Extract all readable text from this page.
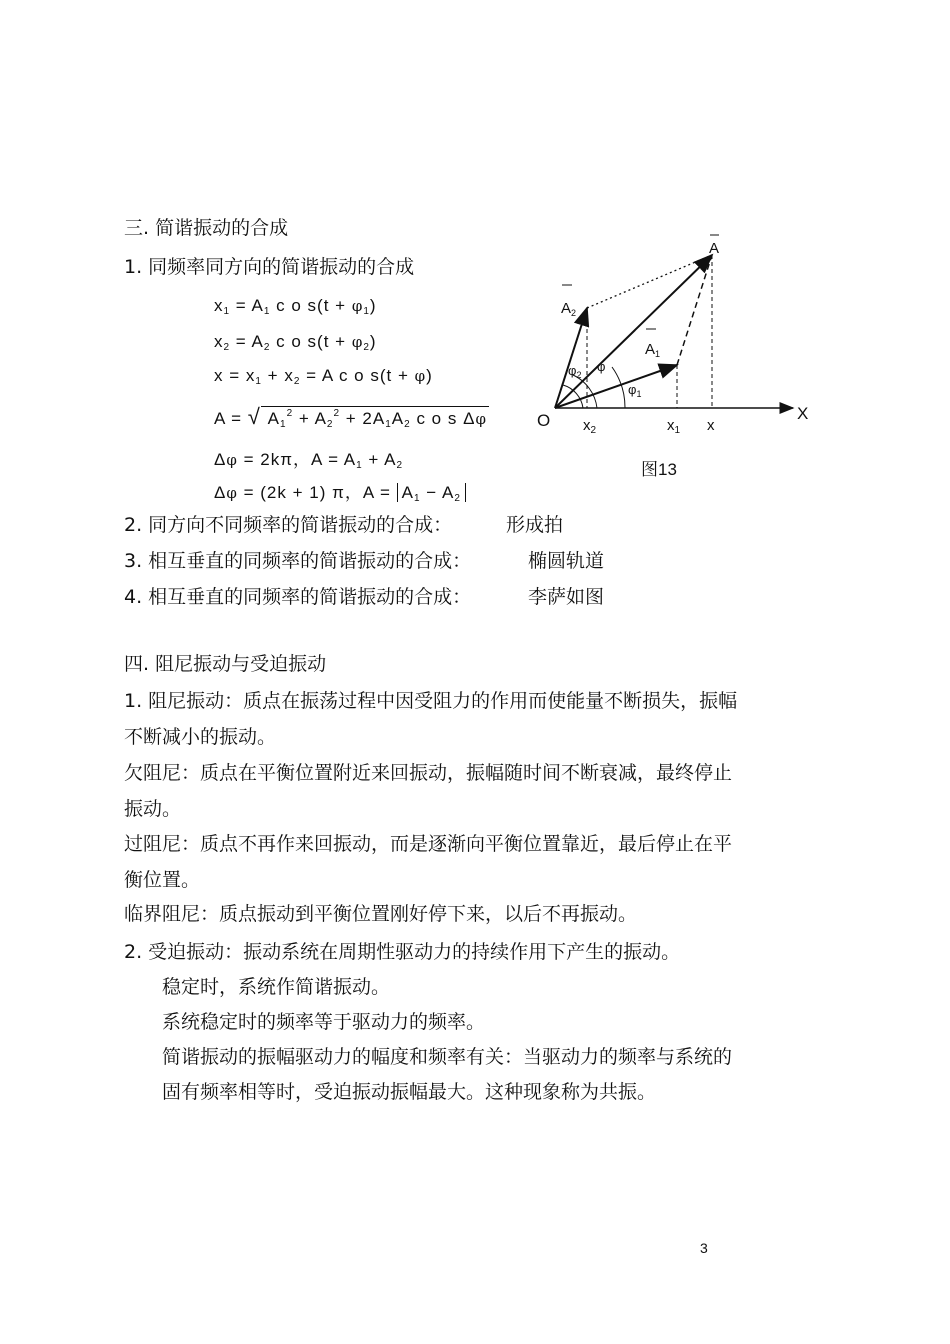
三. 简谐振动的合成
1. 同频率同方向的简谐振动的合成
$x_1 = A_1$ c o $s(t + \varphi_1)$
$x_2 = A_2$ c o $s(t + \varphi_2)$
$x = x_1 + x_2 = A$ c o s(t + φ)
A = √ $A_1^2 + A_2^2 + 2A_1A_2$ c o s Δφ
Δφ = 2kπ，$A = A_1 + A_2$
Δφ = (2k + 1) π，$A = A_1 - A_2$
A
$A_2$
$A_1$
$\varphi_2$
φ
$\varphi_1$
O	X
$x_2$	$x_1$ x
图13
2. 同方向不同频率的简谐振动的合成：	形成拍
3. 相互垂直的同频率的简谐振动的合成：	椭圆轨道
4. 相互垂直的同频率的简谐振动的合成：	李萨如图
四. 阻尼振动与受迫振动
1. 阻尼振动：质点在振荡过程中因受阻力的作用而使能量不断损失，振幅
不断减小的振动。
欠阻尼：质点在平衡位置附近来回振动，振幅随时间不断衰减，最终停止
振动。
过阻尼：质点不再作来回振动，而是逐渐向平衡位置靠近，最后停止在平
衡位置。
临界阻尼：质点振动到平衡位置刚好停下来，以后不再振动。
2. 受迫振动：振动系统在周期性驱动力的持续作用下产生的振动。
稳定时，系统作简谐振动。
系统稳定时的频率等于驱动力的频率。
简谐振动的振幅驱动力的幅度和频率有关：当驱动力的频率与系统的
固有频率相等时，受迫振动振幅最大。这种现象称为共振。
3
